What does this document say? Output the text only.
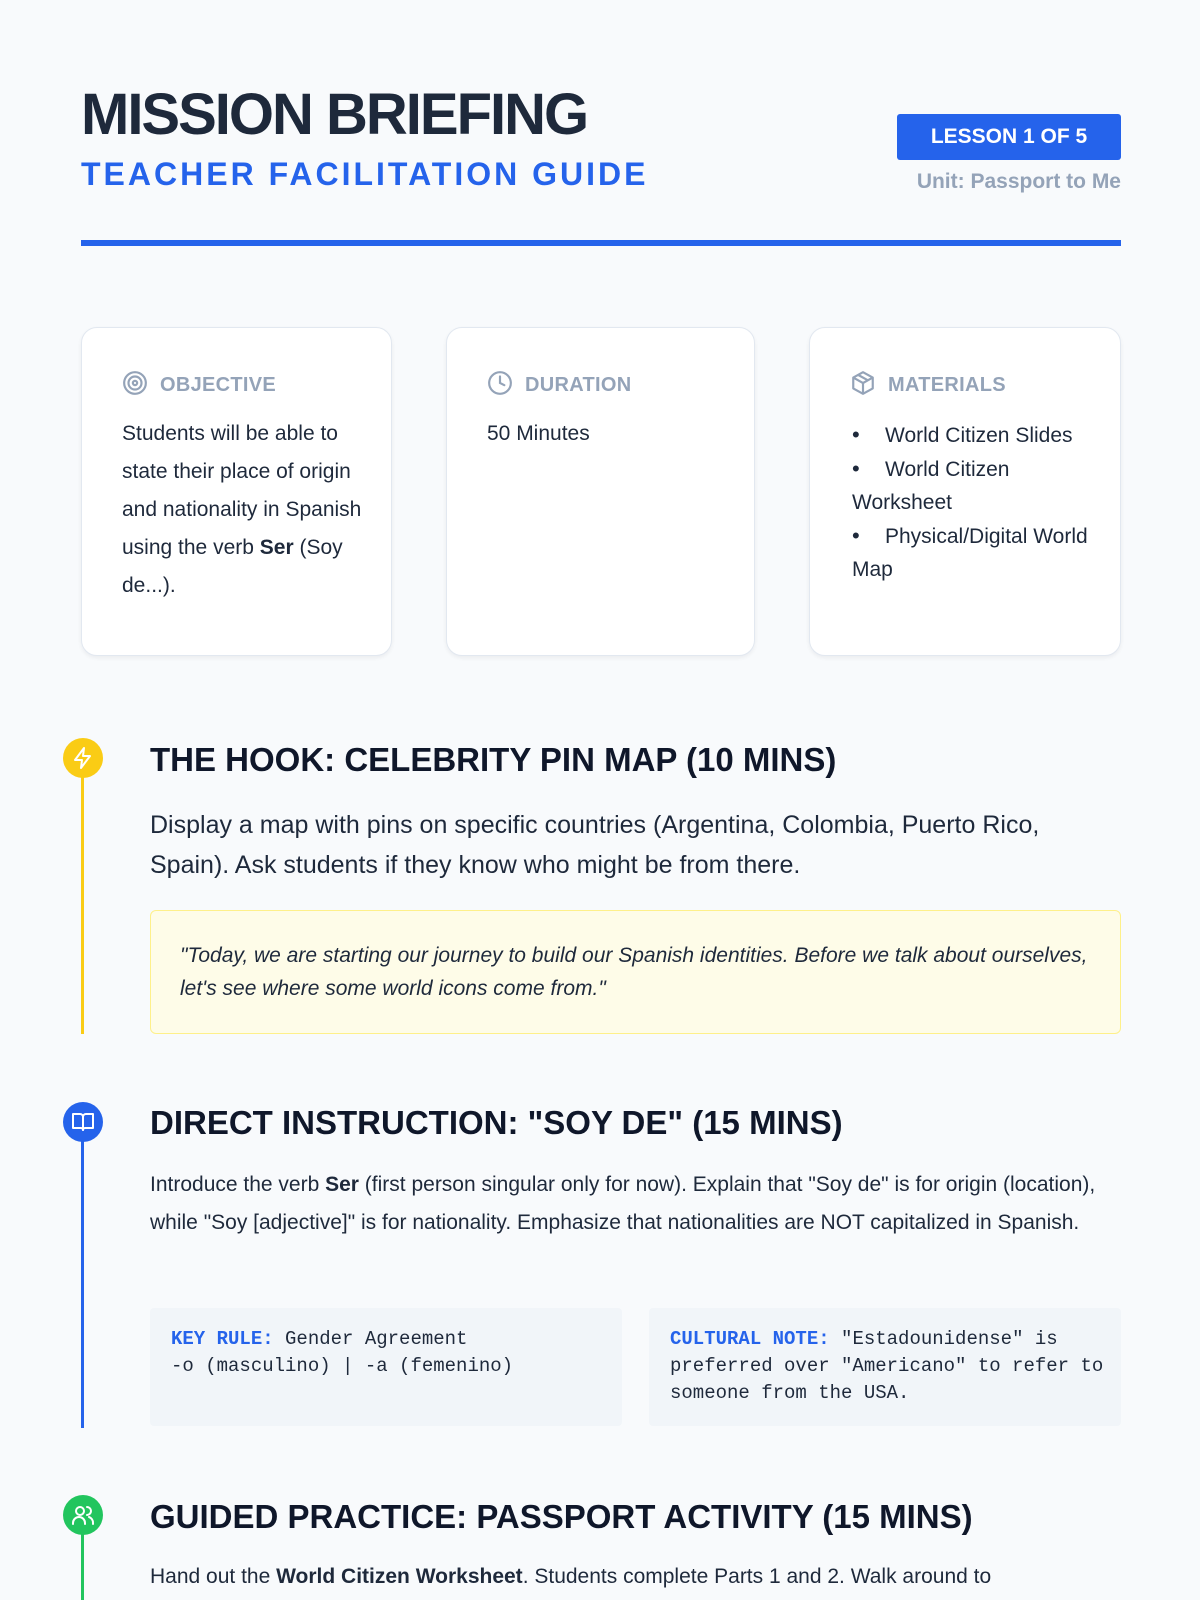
MISSION BRIEFING
TEACHER FACILITATION GUIDE
LESSON 1 OF 5
Unit: Passport to Me
OBJECTIVE
Students will be able to state their place of origin and nationality in Spanish using the verb Ser (Soy de...).
DURATION
50 Minutes
MATERIALS
• World Citizen Slides
• World Citizen Worksheet
• Physical/Digital World Map
THE HOOK: CELEBRITY PIN MAP (10 MINS)
Display a map with pins on specific countries (Argentina, Colombia, Puerto Rico, Spain). Ask students if they know who might be from there.
"Today, we are starting our journey to build our Spanish identities. Before we talk about ourselves, let's see where some world icons come from."
DIRECT INSTRUCTION: "SOY DE" (15 MINS)
Introduce the verb Ser (first person singular only for now). Explain that "Soy de" is for origin (location), while "Soy [adjective]" is for nationality. Emphasize that nationalities are NOT capitalized in Spanish.
KEY RULE: Gender Agreement
-o (masculino) | -a (femenino)
CULTURAL NOTE: "Estadounidense" is preferred over "Americano" to refer to someone from the USA.
GUIDED PRACTICE: PASSPORT ACTIVITY (15 MINS)
Hand out the World Citizen Worksheet. Students complete Parts 1 and 2. Walk around to
